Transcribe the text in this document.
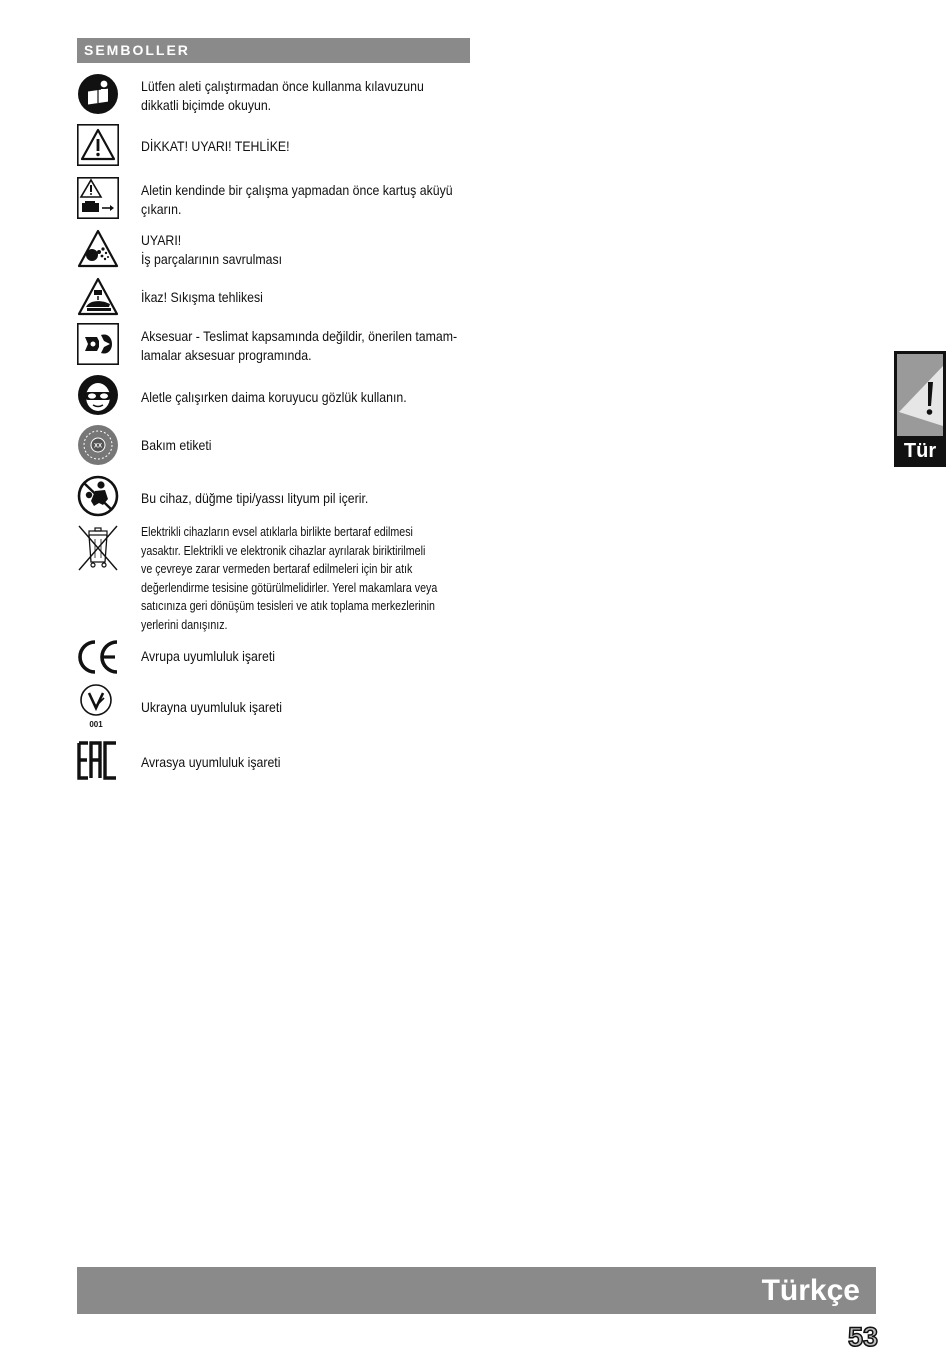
SEMBOLLER
Lütfen aleti çalıştırmadan önce kullanma kılavuzunu
dikkatli biçimde okuyun.
DİKKAT! UYARI! TEHLİKE!
Aletin kendinde bir çalışma yapmadan önce kartuş aküyü
çıkarın.
UYARI!
İş parçalarının savrulması
İkaz! Sıkışma tehlikesi
Aksesuar - Teslimat kapsamında değildir, önerilen tamam-
lamalar aksesuar programında.
Aletle çalışırken daima koruyucu gözlük kullanın.
XX	Bakım etiketi
Bu cihaz, düğme tipi/yassı lityum pil içerir.
Elektrikli cihazların evsel atıklarla birlikte bertaraf edilmesi
yasaktır. Elektrikli ve elektronik cihazlar ayrılarak biriktirilmeli
ve çevreye zarar vermeden bertaraf edilmeleri için bir atık
değerlendirme tesisine götürülmelidirler. Yerel makamlara veya
satıcınıza geri dönüşüm tesisleri ve atık toplama merkezlerinin
yerlerini danışınız.
Avrupa uyumluluk işareti
001
Ukrayna uyumluluk işareti
Avrasya uyumluluk işareti
Tür
Türkçe
53
